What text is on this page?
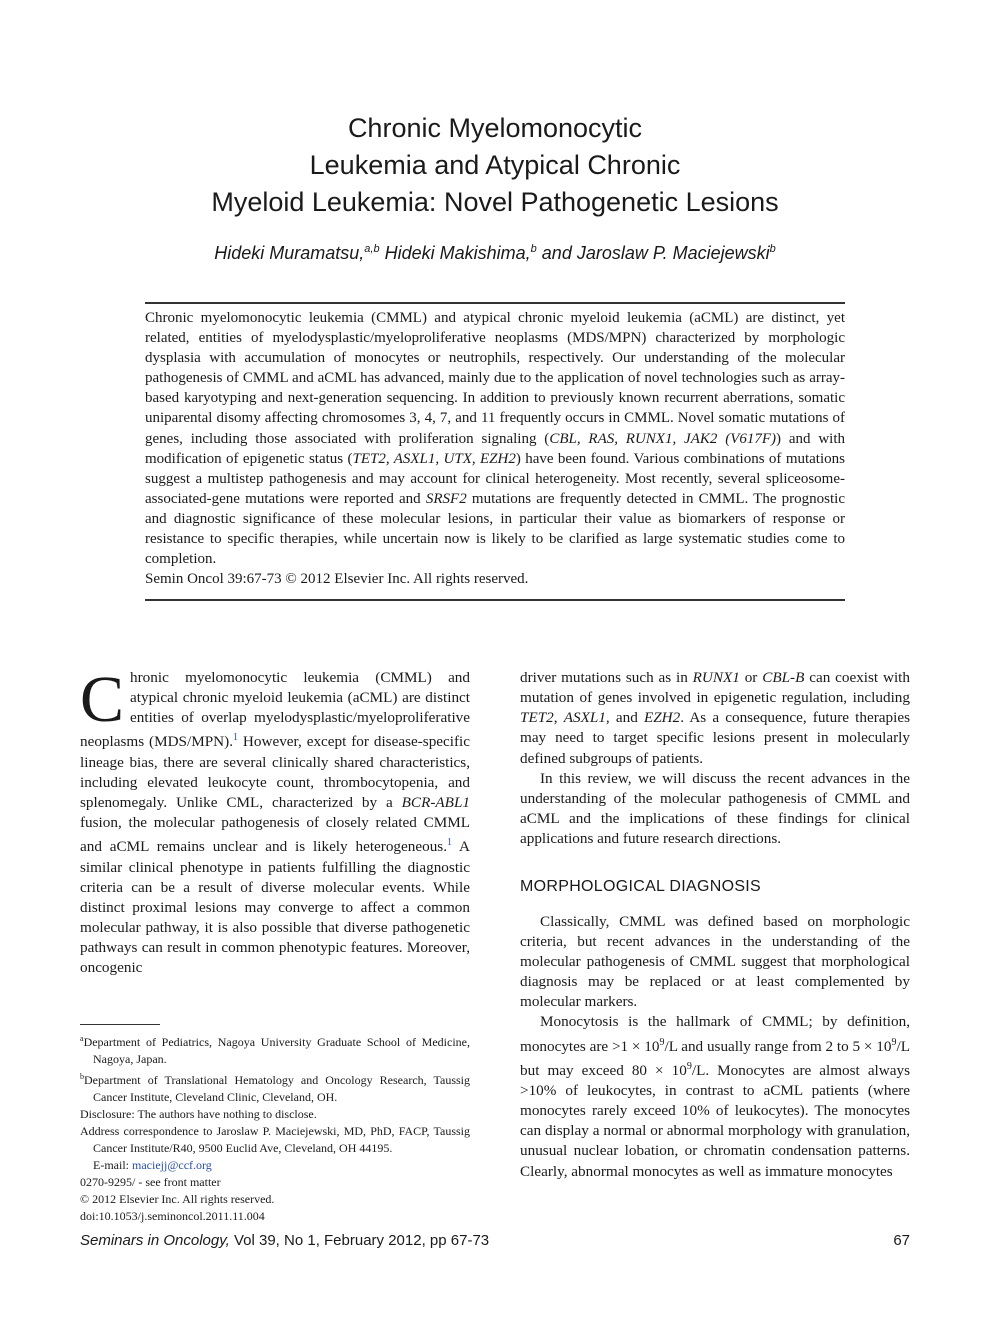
Chronic Myelomonocytic
Leukemia and Atypical Chronic
Myeloid Leukemia: Novel Pathogenetic Lesions
Hideki Muramatsu,$^{a,b}$ Hideki Makishima,$^b$ and Jaroslaw P. Maciejewski$^b$
Chronic myelomonocytic leukemia (CMML) and atypical chronic myeloid leukemia (aCML) are distinct, yet related, entities of myelodysplastic/myeloproliferative neoplasms (MDS/MPN) characterized by morphologic dysplasia with accumulation of monocytes or neutrophils, respectively. Our understanding of the molecular pathogenesis of CMML and aCML has advanced, mainly due to the application of novel technologies such as array-based karyotyping and next-generation sequencing. In addition to previously known recurrent aberrations, somatic uniparental disomy affecting chromosomes 3, 4, 7, and 11 frequently occurs in CMML. Novel somatic mutations of genes, including those associated with proliferation signaling (CBL, RAS, RUNX1, JAK2 (V617F)) and with modification of epigenetic status (TET2, ASXL1, UTX, EZH2) have been found. Various combinations of mutations suggest a multistep pathogenesis and may account for clinical heterogeneity. Most recently, several spliceosome-associated-gene mutations were reported and SRSF2 mutations are frequently detected in CMML. The prognostic and diagnostic significance of these molecular lesions, in particular their value as biomarkers of response or resistance to specific therapies, while uncertain now is likely to be clarified as large systematic studies come to completion.
Semin Oncol 39:67-73 © 2012 Elsevier Inc. All rights reserved.

Chronic myelomonocytic leukemia (CMML) and atypical chronic myeloid leukemia (aCML) are distinct entities of overlap myelodysplastic/myeloproliferative neoplasms (MDS/MPN).$^1$ However, except for disease-specific lineage bias, there are several clinically shared characteristics, including elevated leukocyte count, thrombocytopenia, and splenomegaly. Unlike CML, characterized by a BCR-ABL1 fusion, the molecular pathogenesis of closely related CMML and aCML remains unclear and is likely heterogeneous.$^1$ A similar clinical phenotype in patients fulfilling the diagnostic criteria can be a result of diverse molecular events. While distinct proximal lesions may converge to affect a common molecular pathway, it is also possible that diverse pathogenetic pathways can result in common phenotypic features. Moreover, oncogenic

driver mutations such as in RUNX1 or CBL-B can coexist with mutation of genes involved in epigenetic regulation, including TET2, ASXL1, and EZH2. As a consequence, future therapies may need to target specific lesions present in molecularly defined subgroups of patients.

In this review, we will discuss the recent advances in the understanding of the molecular pathogenesis of CMML and aCML and the implications of these findings for clinical applications and future research directions.

MORPHOLOGICAL DIAGNOSIS

Classically, CMML was defined based on morphologic criteria, but recent advances in the understanding of the molecular pathogenesis of CMML suggest that morphological diagnosis may be replaced or at least complemented by molecular markers.

Monocytosis is the hallmark of CMML; by definition, monocytes are $>1 \times 10^9/L$ and usually range from 2 to $5 \times 10^9/L$ but may exceed $80 \times 10^9/L$. Monocytes are almost always >10% of leukocytes, in contrast to aCML patients (where monocytes rarely exceed 10% of leukocytes). The monocytes can display a normal or abnormal morphology with granulation, unusual nuclear lobation, or chromatin condensation patterns. Clearly, abnormal monocytes as well as immature monocytes

$^a$Department of Pediatrics, Nagoya University Graduate School of Medicine, Nagoya, Japan.

$^b$Department of Translational Hematology and Oncology Research, Taussig Cancer Institute, Cleveland Clinic, Cleveland, OH.

Disclosure: The authors have nothing to disclose.

Address correspondence to Jaroslaw P. Maciejewski, MD, PhD, FACP, Taussig Cancer Institute/R40, 9500 Euclid Ave, Cleveland, OH 44195.

E-mail: maciejj@ccf.org

0270-9295/ - see front matter

© 2012 Elsevier Inc. All rights reserved.

doi:10.1053/j.seminoncol.2011.11.004

Seminars in Oncology, Vol 39, No 1, February 2012, pp 67-73	67
